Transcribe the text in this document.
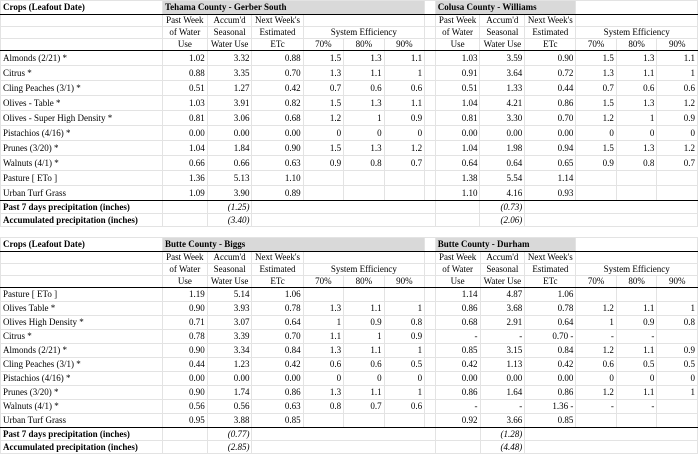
Crops (Leafout Date)	Tehama County - Gerber South							Colusa County - Williams					
	Past Week	Accum'd	Next Week's					Past Week	Accum'd	Next Week's			
	of Water	Seasonal	Estimated	System Efficiency				of Water	Seasonal	Estimated	System Efficiency		
	Use	Water Use	ETc	70%	80%	90%		Use	Water Use	ETc	70%	80%	90%
Almonds (2/21) *	1.02	3.32	0.88	1.5	1.3	1.1		1.03	3.59	0.90	1.5	1.3	1.1
Citrus *	0.88	3.35	0.70	1.3	1.1	1		0.91	3.64	0.72	1.3	1.1	1
Cling Peaches (3/1) *	0.51	1.27	0.42	0.7	0.6	0.6		0.51	1.33	0.44	0.7	0.6	0.6
Olives - Table *	1.03	3.91	0.82	1.5	1.3	1.1		1.04	4.21	0.86	1.5	1.3	1.2
Olives - Super High Density *	0.81	3.06	0.68	1.2	1	0.9		0.81	3.30	0.70	1.2	1	0.9
Pistachios (4/16) *	0.00	0.00	0.00	0	0	0		0.00	0.00	0.00	0	0	0
Prunes (3/20) *	1.04	1.84	0.90	1.5	1.3	1.2		1.04	1.98	0.94	1.5	1.3	1.2
Walnuts (4/1) *	0.66	0.66	0.63	0.9	0.8	0.7		0.64	0.64	0.65	0.9	0.8	0.7
Pasture [ ETo ]	1.36	5.13	1.10					1.38	5.54	1.14			
Urban Turf Grass	1.09	3.90	0.89					1.10	4.16	0.93			
Past 7 days precipitation (inches)		(1.25)							(0.73)				
Accumulated precipitation (inches)		(3.40)							(2.06)				
Crops (Leafout Date)	Butte County - Biggs							Butte County - Durham					
	Past Week	Accum'd	Next Week's					Past Week	Accum'd	Next Week's			
	of Water	Seasonal	Estimated	System Efficiency				of Water	Seasonal	Estimated	System Efficiency		
	Use	Water Use	ETc	70%	80%	90%		Use	Water Use	ETc	70%	80%	90%
Pasture [ ETo ]	1.19	5.14	1.06					1.14	4.87	1.06			
Olives Table *	0.90	3.93	0.78	1.3	1.1	1		0.86	3.68	0.78	1.2	1.1	1
Olives High Density *	0.71	3.07	0.64	1	0.9	0.8		0.68	2.91	0.64	1	0.9	0.8
Citrus *	0.78	3.39	0.70	1.1	1	0.9		-	-	0.70 -	-	-	
Almonds (2/21) *	0.90	3.34	0.84	1.3	1.1	1		0.85	3.15	0.84	1.2	1.1	0.9
Cling Peaches (3/1) *	0.44	1.23	0.42	0.6	0.6	0.5		0.42	1.13	0.42	0.6	0.5	0.5
Pistachios (4/16) *	0.00	0.00	0.00	0	0	0		0.00	0.00	0.00	0	0	0
Prunes (3/20) *	0.90	1.74	0.86	1.3	1.1	1		0.86	1.64	0.86	1.2	1.1	1
Walnuts (4/1) *	0.56	0.56	0.63	0.8	0.7	0.6		-	-	1.36 -	-	-	
Urban Turf Grass	0.95	3.88	0.85					0.92	3.66	0.85			
Past 7 days precipitation (inches)		(0.77)							(1.28)				
Accumulated precipitation (inches)		(2.85)							(4.48)				
